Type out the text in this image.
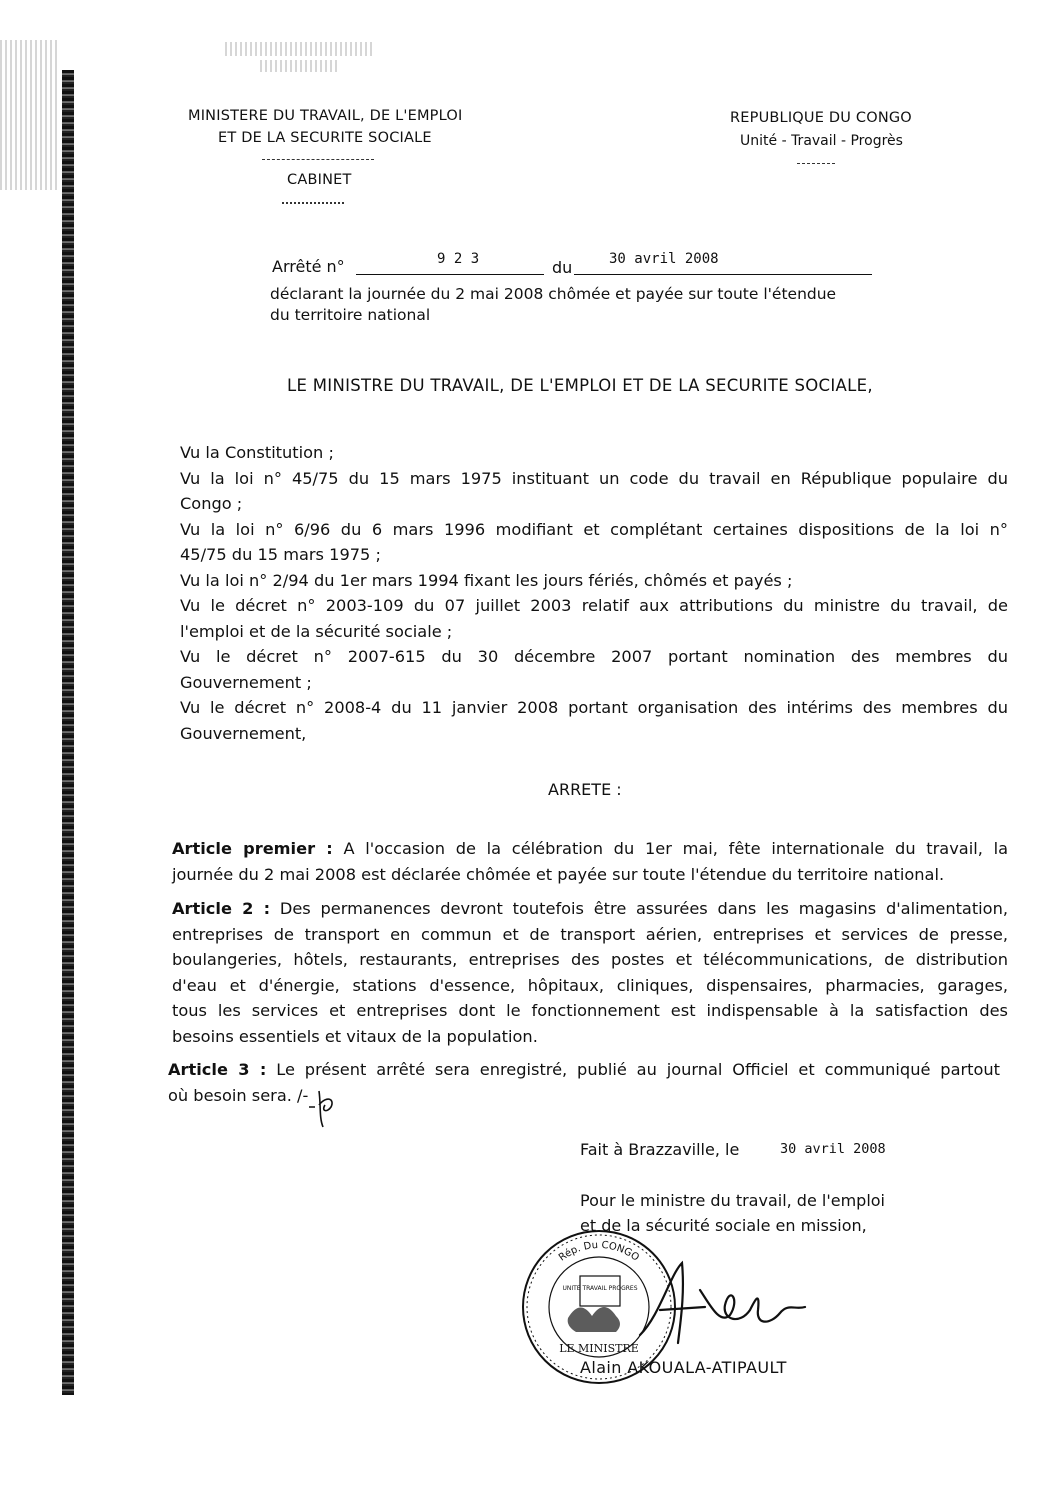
MINISTERE DU TRAVAIL, DE L'EMPLOI
ET DE LA SECURITE SOCIALE
CABINET
REPUBLIQUE DU CONGO
Unité - Travail - Progrès
Arrêté n°	9 2 3	du	30 avril 2008
déclarant la journée du 2 mai 2008 chômée et payée sur toute l'étendue
du territoire national
LE MINISTRE DU TRAVAIL, DE L'EMPLOI ET DE LA SECURITE SOCIALE,
Vu la Constitution ;
Vu la loi n° 45/75 du 15 mars 1975 instituant un code du travail en République populaire du
Congo ;
Vu la loi n° 6/96 du 6 mars 1996 modifiant et complétant certaines dispositions de la loi n°
45/75 du 15 mars 1975 ;
Vu la loi n° 2/94 du 1er mars 1994 fixant les jours fériés, chômés et payés ;
Vu le décret n° 2003-109 du 07 juillet 2003 relatif aux attributions du ministre du travail, de
l'emploi et de la sécurité sociale ;
Vu le décret n° 2007-615 du 30 décembre 2007 portant nomination des membres du
Gouvernement ;
Vu le décret n° 2008-4 du 11 janvier 2008 portant organisation des intérims des membres du
Gouvernement,
ARRETE :
Article premier : A l'occasion de la célébration du 1er mai, fête internationale du travail, la
journée du 2 mai 2008 est déclarée chômée et payée sur toute l'étendue du territoire national.
Article 2 : Des permanences devront toutefois être assurées dans les magasins d'alimentation,
entreprises de transport en commun et de transport aérien, entreprises et services de presse,
boulangeries, hôtels, restaurants, entreprises des postes et télécommunications, de distribution
d'eau et d'énergie, stations d'essence, hôpitaux, cliniques, dispensaires, pharmacies, garages,
tous les services et entreprises dont le fonctionnement est indispensable à la satisfaction des
besoins essentiels et vitaux de la population.
Article 3 : Le présent arrêté sera enregistré, publié au journal Officiel et communiqué partout
où besoin sera. /-
Fait à Brazzaville, le	30 avril 2008
Pour le ministre du travail, de l'emploi
et de la sécurité sociale en mission,
Rép. Du CONGO
UNITE TRAVAIL PROGRES
LE MINISTRE
Alain AKOUALA-ATIPAULT
